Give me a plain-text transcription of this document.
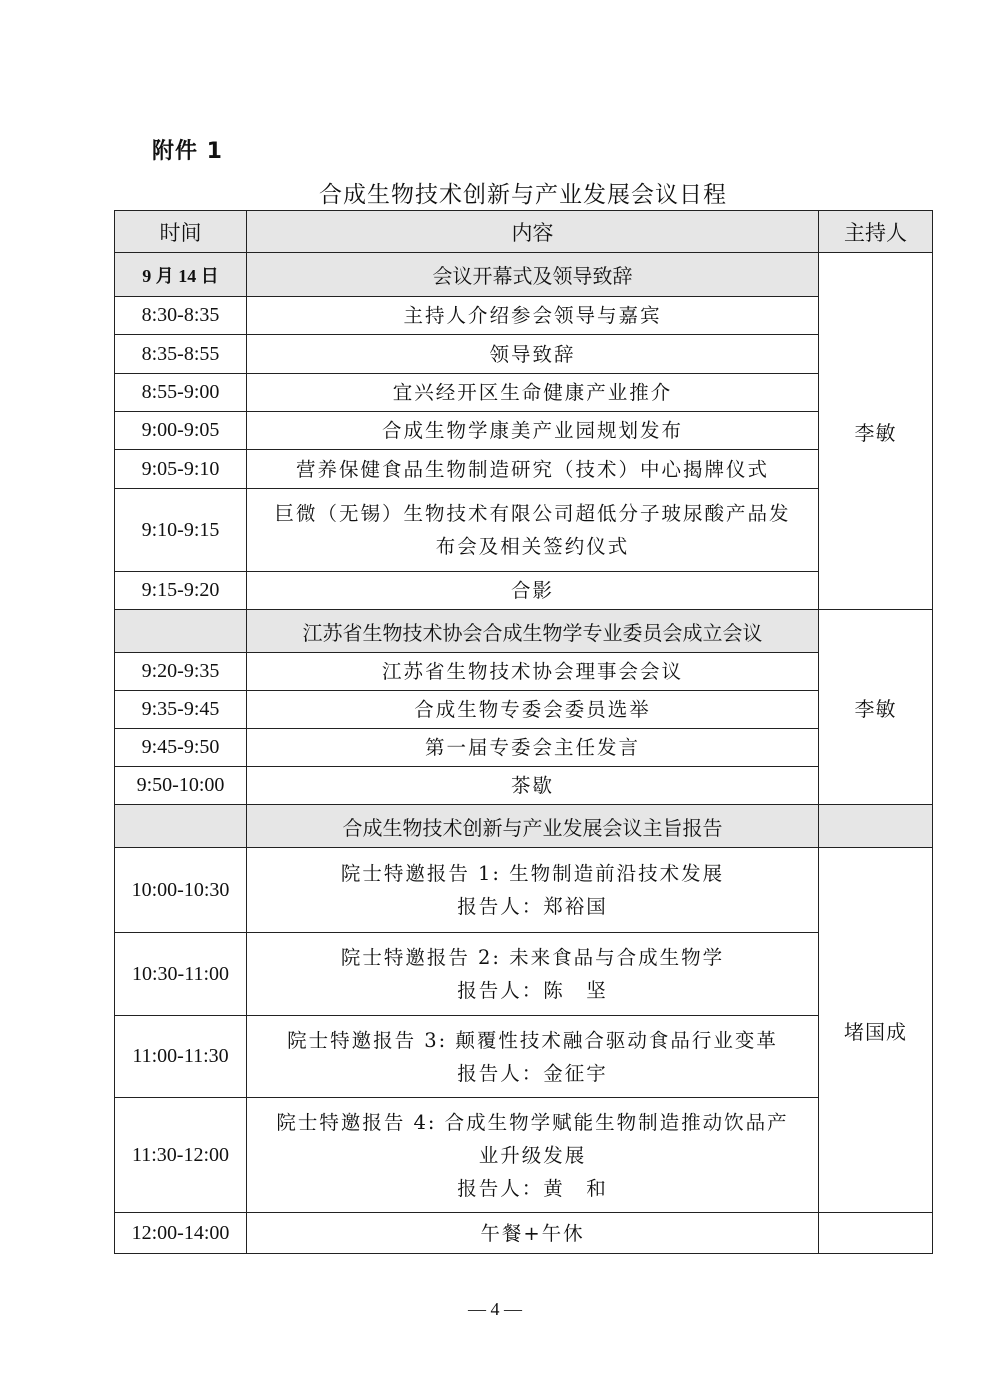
附件 1
合成生物技术创新与产业发展会议日程
时间	内容	主持人
9 月 14 日	会议开幕式及领导致辞	李敏
8:30-8:35	主持人介绍参会领导与嘉宾	

8:35-8:55	领导致辞	

8:55-9:00	宜兴经开区生命健康产业推介	

9:00-9:05	合成生物学康美产业园规划发布	

9:05-9:10	营养保健食品生物制造研究（技术）中心揭牌仪式	

9:10-9:15	巨微（无锡）生物技术有限公司超低分子玻尿酸产品发
布会及相关签约仪式	

9:15-9:20	合影	

	江苏省生物技术协会合成生物学专业委员会成立会议	李敏
9:20-9:35	江苏省生物技术协会理事会会议	

9:35-9:45	合成生物专委会委员选举	

9:45-9:50	第一届专委会主任发言	

9:50-10:00	茶歇	

	合成生物技术创新与产业发展会议主旨报告	
10:00-10:30	院士特邀报告 1: 生物制造前沿技术发展
报告人：郑裕国	堵国成
10:30-11:00	院士特邀报告 2: 未来食品与合成生物学
报告人：陈　坚	

11:00-11:30	院士特邀报告 3: 颠覆性技术融合驱动食品行业变革
报告人：金征宇	

11:30-12:00	院士特邀报告 4: 合成生物学赋能生物制造推动饮品产
业升级发展
报告人：黄　和	

12:00-14:00	午餐+午休	
— 4 —
